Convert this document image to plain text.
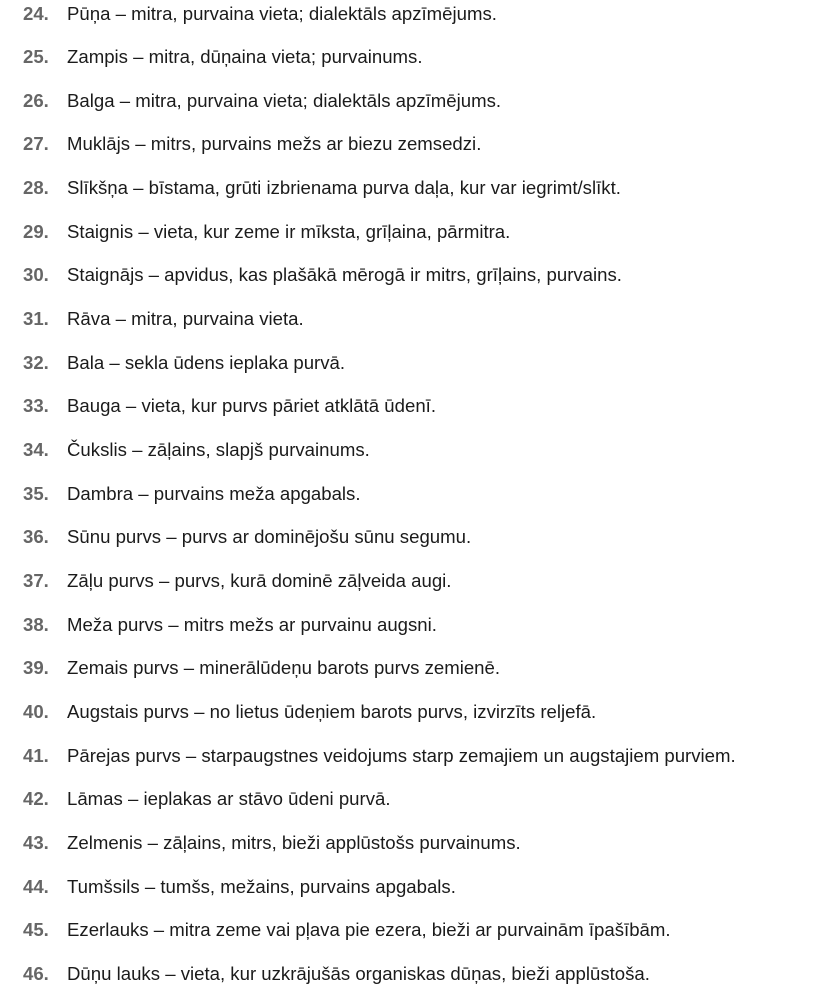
24. Pūņa – mitra, purvaina vieta; dialektāls apzīmējums.
25. Zampis – mitra, dūņaina vieta; purvainums.
26. Balga – mitra, purvaina vieta; dialektāls apzīmējums.
27. Muklājs – mitrs, purvains mežs ar biezu zemsedzi.
28. Slīkšņa – bīstama, grūti izbrienama purva daļa, kur var iegrimt/slīkt.
29. Staignis – vieta, kur zeme ir mīksta, grīļaina, pārmitra.
30. Staignājs – apvidus, kas plašākā mērogā ir mitrs, grīļains, purvains.
31. Rāva – mitra, purvaina vieta.
32. Bala – sekla ūdens ieplaka purvā.
33. Bauga – vieta, kur purvs pāriet atklātā ūdenī.
34. Čukslis – zāļains, slapjš purvainums.
35. Dambra – purvains meža apgabals.
36. Sūnu purvs – purvs ar dominējošu sūnu segumu.
37. Zāļu purvs – purvs, kurā dominē zāļveida augi.
38. Meža purvs – mitrs mežs ar purvainu augsni.
39. Zemais purvs – minerālūdeņu barots purvs zemienē.
40. Augstais purvs – no lietus ūdeņiem barots purvs, izvirzīts reljefā.
41. Pārejas purvs – starpaugstnes veidojums starp zemajiem un augstajiem purviem.
42. Lāmas – ieplakas ar stāvo ūdeni purvā.
43. Zelmenis – zāļains, mitrs, bieži applūstošs purvainums.
44. Tumšsils – tumšs, mežains, purvains apgabals.
45. Ezerlauks – mitra zeme vai pļava pie ezera, bieži ar purvainām īpašībām.
46. Dūņu lauks – vieta, kur uzkrājušās organiskas dūņas, bieži applūstoša.
